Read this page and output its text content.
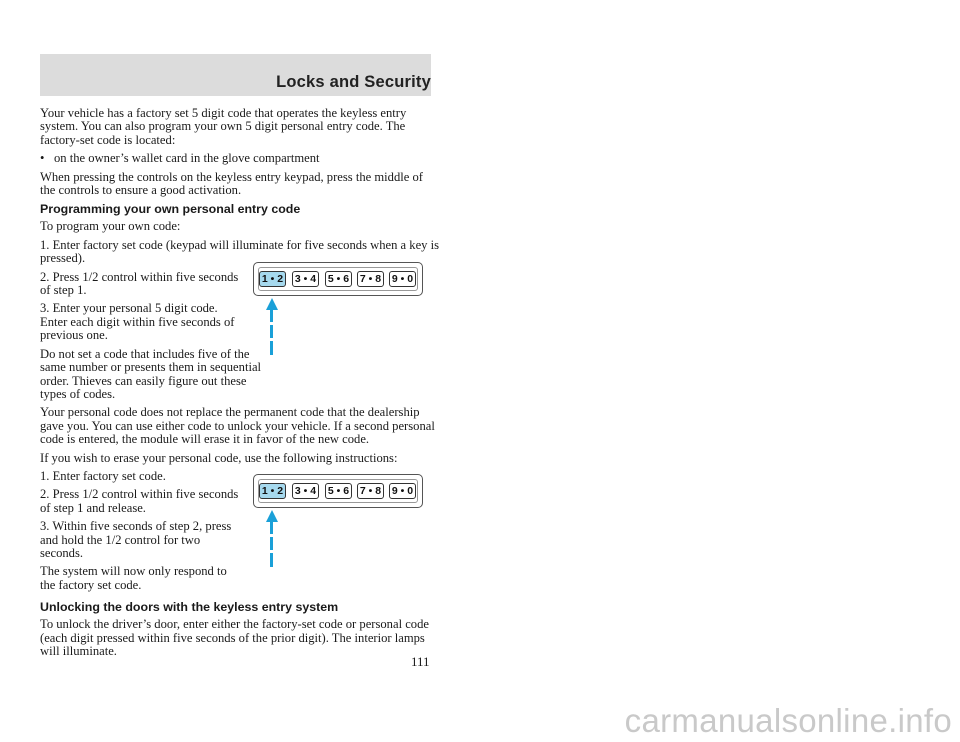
Locks and Security

Your vehicle has a factory set 5 digit code that operates the keyless entry system. You can also program your own 5 digit personal entry code. The factory-set code is located:

• on the owner’s wallet card in the glove compartment

When pressing the controls on the keyless entry keypad, press the middle of the controls to ensure a good activation.

Programming your own personal entry code

To program your own code:

1. Enter factory set code (keypad will illuminate for five seconds when a key is pressed).

2. Press 1/2 control within five seconds of step 1.

3. Enter your personal 5 digit code. Enter each digit within five seconds of previous one.

Do not set a code that includes five of the same number or presents them in sequential order. Thieves can easily figure out these types of codes.

Your personal code does not replace the permanent code that the dealership gave you. You can use either code to unlock your vehicle. If a second personal code is entered, the module will erase it in favor of the new code.

If you wish to erase your personal code, use the following instructions:

1. Enter factory set code.

2. Press 1/2 control within five seconds of step 1 and release.

3. Within five seconds of step 2, press and hold the 1/2 control for two seconds.

The system will now only respond to the factory set code.

Unlocking the doors with the keyless entry system

To unlock the driver’s door, enter either the factory-set code or personal code (each digit pressed within five seconds of the prior digit). The interior lamps will illuminate.

1 • 2 3 • 4 5 • 6 7 • 8 9 • 0
1 • 2 3 • 4 5 • 6 7 • 8 9 • 0
111
carmanualsonline.info
